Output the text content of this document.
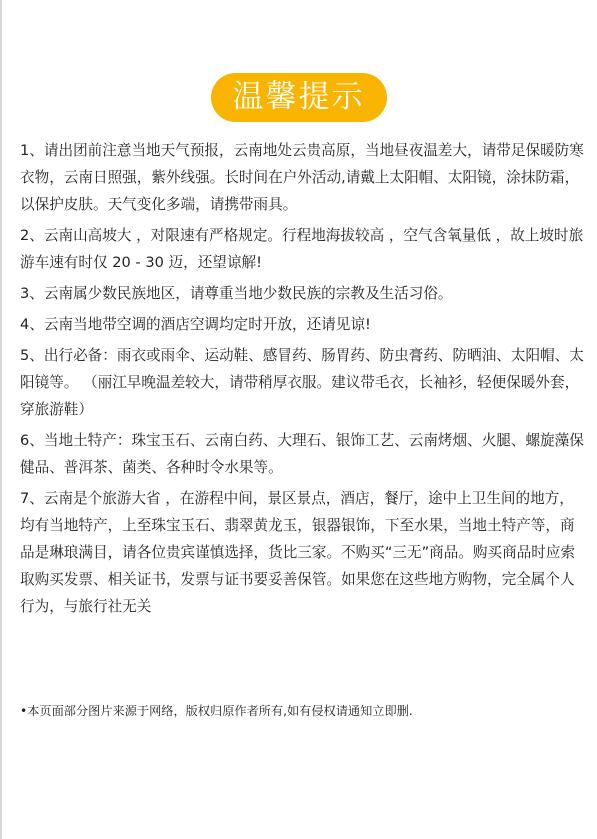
温馨提示

1、请出团前注意当地天气预报，云南地处云贵高原，当地昼夜温差大，请带足保暖防寒衣物，云南日照强，紫外线强。长时间在户外活动,请戴上太阳帽、太阳镜，涂抹防霜，以保护皮肤。天气变化多端，请携带雨具。

2、云南山高坡大 ，对限速有严格规定。行程地海拔较高 ，空气含氧量低 ，故上坡时旅游车速有时仅 20 - 30 迈，还望谅解!

3、云南属少数民族地区，请尊重当地少数民族的宗教及生活习俗。

4、云南当地带空调的酒店空调均定时开放，还请见谅!

5、出行必备：雨衣或雨伞、运动鞋、感冒药、肠胃药、防虫膏药、防晒油、太阳帽、太阳镜等。 （丽江早晚温差较大，请带稍厚衣服。建议带毛衣，长袖衫，轻便保暖外套，穿旅游鞋）

6、当地土特产：珠宝玉石、云南白药、大理石、银饰工艺、云南烤烟、火腿、螺旋藻保健品、普洱茶、菌类、各种时令水果等。

7、云南是个旅游大省 ，在游程中间，景区景点，酒店，餐厅，途中上卫生间的地方，均有当地特产，上至珠宝玉石、翡翠黄龙玉，银器银饰，下至水果，当地土特产等，商品是琳琅满目，请各位贵宾谨慎选择，货比三家。不购买“三无”商品。购买商品时应索取购买发票、相关证书，发票与证书要妥善保管。如果您在这些地方购物，完全属个人行为，与旅行社无关

•本页面部分图片来源于网络，版权归原作者所有,如有侵权请通知立即删.
